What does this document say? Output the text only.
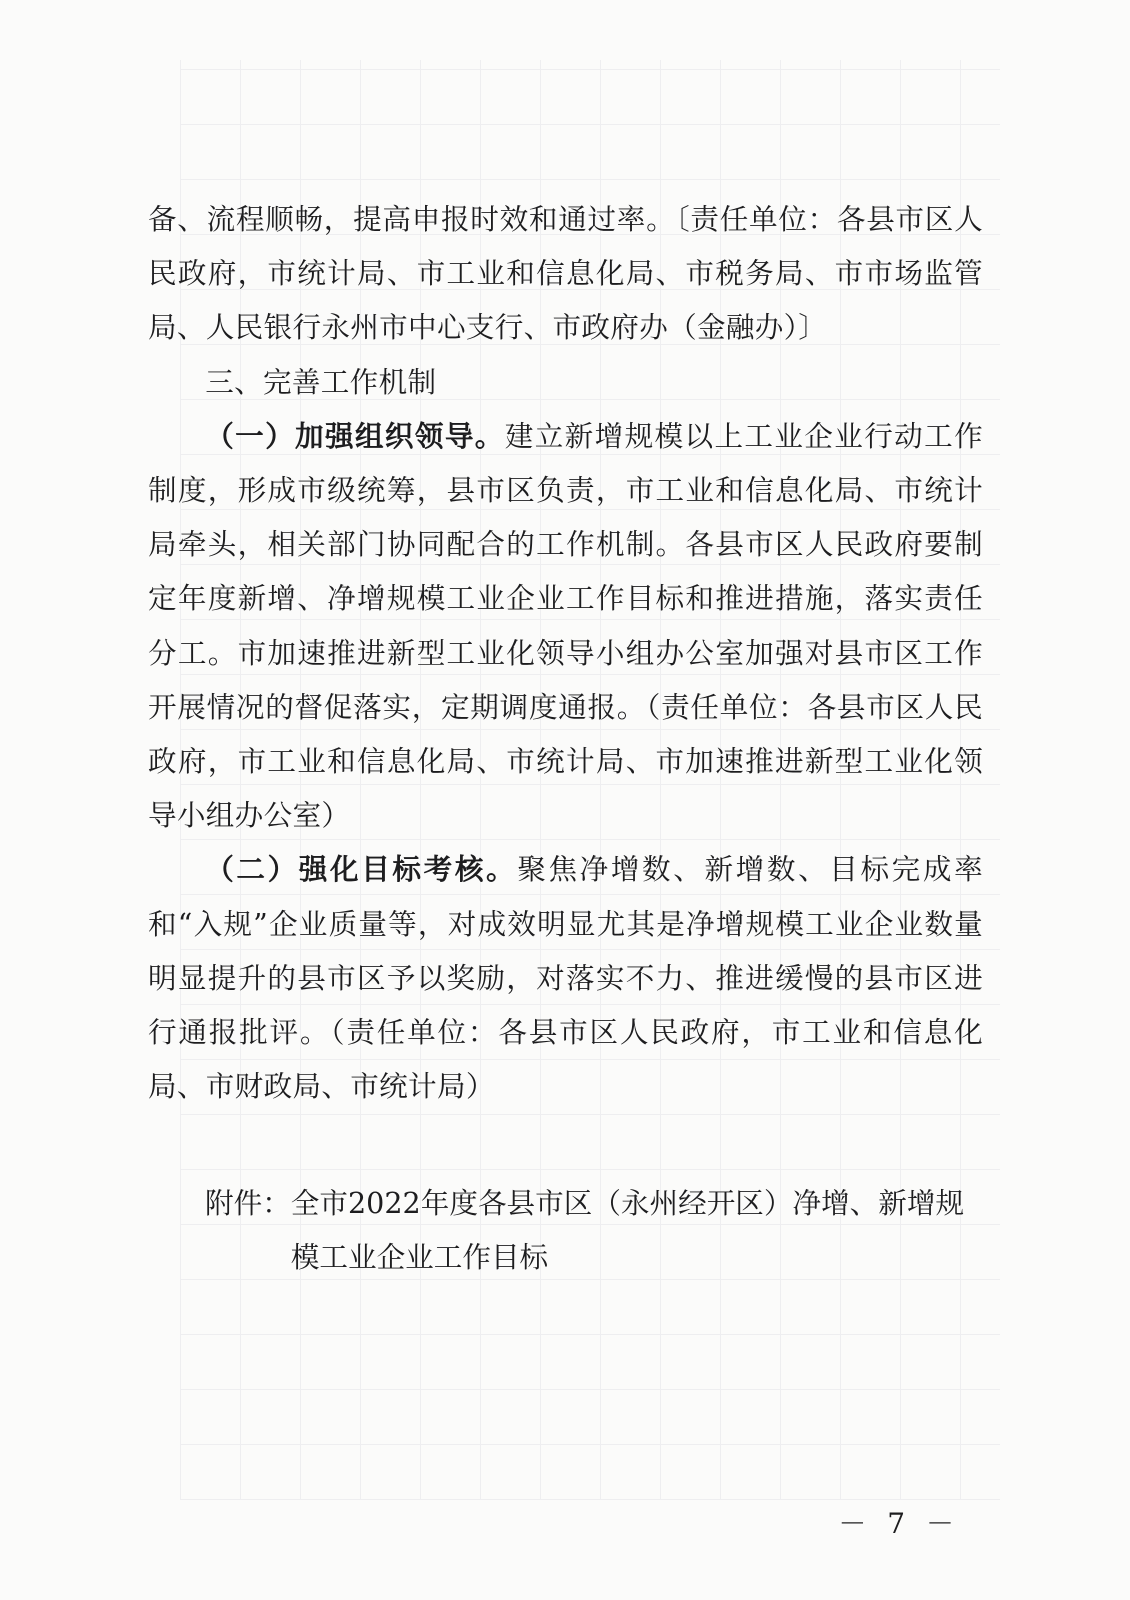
备、流程顺畅，提高申报时效和通过率。〔责任单位：各县市区人民政府，市统计局、市工业和信息化局、市税务局、市市场监管局、人民银行永州市中心支行、市政府办（金融办）〕

三、完善工作机制

（一）加强组织领导。建立新增规模以上工业企业行动工作制度，形成市级统筹，县市区负责，市工业和信息化局、市统计局牵头，相关部门协同配合的工作机制。各县市区人民政府要制定年度新增、净增规模工业企业工作目标和推进措施，落实责任分工。市加速推进新型工业化领导小组办公室加强对县市区工作开展情况的督促落实，定期调度通报。（责任单位：各县市区人民政府，市工业和信息化局、市统计局、市加速推进新型工业化领导小组办公室）

（二）强化目标考核。聚焦净增数、新增数、目标完成率和“入规”企业质量等，对成效明显尤其是净增规模工业企业数量明显提升的县市区予以奖励，对落实不力、推进缓慢的县市区进行通报批评。（责任单位：各县市区人民政府，市工业和信息化局、市财政局、市统计局）

附件： 全市2022年度各县市区（永州经开区）净增、新增规模工业企业工作目标
－ 7 －
